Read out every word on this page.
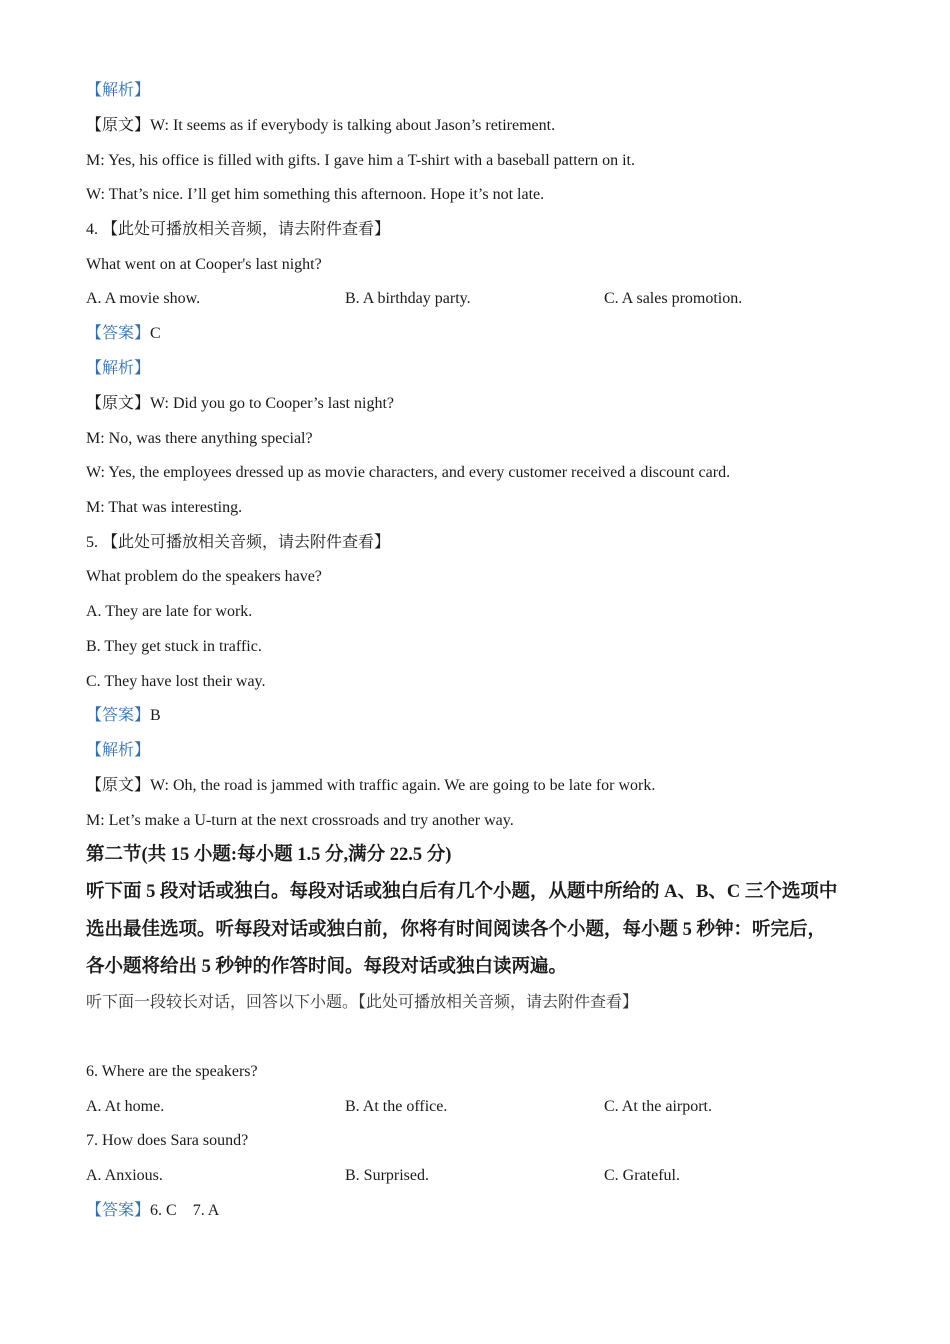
【解析】
【原文】W: It seems as if everybody is talking about Jason’s retirement.
M: Yes, his office is filled with gifts. I gave him a T-shirt with a baseball pattern on it.
W: That’s nice. I’ll get him something this afternoon. Hope it’s not late.
4. 【此处可播放相关音频，请去附件查看】
What went on at Cooper's last night?
A. A movie show.	B. A birthday party.	C. A sales promotion.
【答案】C
【解析】
【原文】W: Did you go to Cooper’s last night?
M: No, was there anything special?
W: Yes, the employees dressed up as movie characters, and every customer received a discount card.
M: That was interesting.
5. 【此处可播放相关音频，请去附件查看】
What problem do the speakers have?
A. They are late for work.
B. They get stuck in traffic.
C. They have lost their way.
【答案】B
【解析】
【原文】W: Oh, the road is jammed with traffic again. We are going to be late for work.
M: Let’s make a U-turn at the next crossroads and try another way.
第二节(共 15 小题:每小题 1.5 分,满分 22.5 分)
听下面 5 段对话或独白。每段对话或独白后有几个小题，从题中所给的 A、B、C 三个选项中
选出最佳选项。听每段对话或独白前，你将有时间阅读各个小题，每小题 5 秒钟：听完后，
各小题将给出 5 秒钟的作答时间。每段对话或独白读两遍。
听下面一段较长对话，回答以下小题。【此处可播放相关音频，请去附件查看】
6. Where are the speakers?
A. At home.	B. At the office.	C. At the airport.
7. How does Sara sound?
A. Anxious.	B. Surprised.	C. Grateful.
【答案】6. C    7. A
